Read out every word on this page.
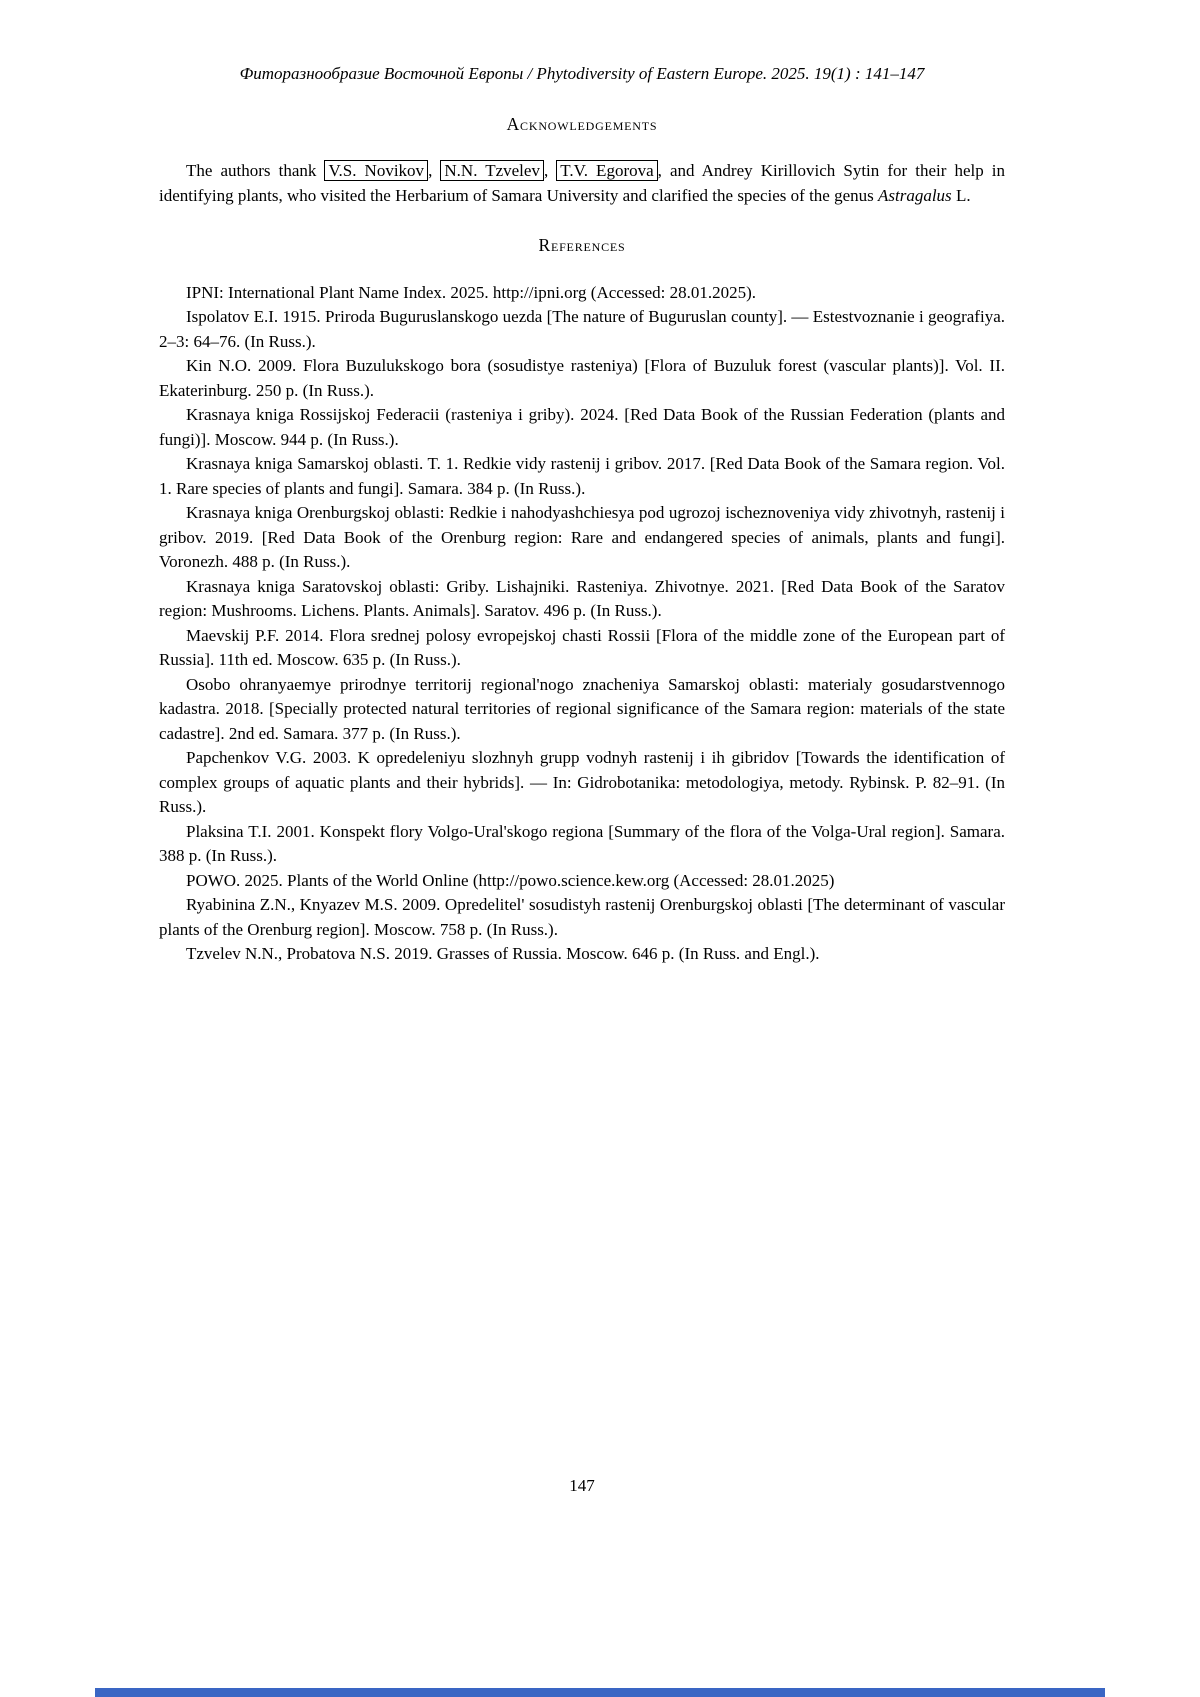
Фиторазнообразие Восточной Европы / Phytodiversity of Eastern Europe. 2025. 19(1) : 141–147
Acknowledgements

The authors thank V.S. Novikov , N.N. Tzvelev , T.V. Egorova , and Andrey Kirillovich Sytin for their help in identifying plants, who visited the Herbarium of Samara University and clarified the species of the genus Astragalus L.

References

IPNI: International Plant Name Index. 2025. http://ipni.org (Accessed: 28.01.2025).

Ispolatov E.I. 1915. Priroda Buguruslanskogo uezda [The nature of Buguruslan county]. — Estestvoznanie i geografiya. 2–3: 64–76. (In Russ.).

Kin N.O. 2009. Flora Buzulukskogo bora (sosudistye rasteniya) [Flora of Buzuluk forest (vascular plants)]. Vol. II. Ekaterinburg. 250 p. (In Russ.).

Krasnaya kniga Rossijskoj Federacii (rasteniya i griby). 2024. [Red Data Book of the Russian Federation (plants and fungi)]. Moscow. 944 p. (In Russ.).

Krasnaya kniga Samarskoj oblasti. T. 1. Redkie vidy rastenij i gribov. 2017. [Red Data Book of the Samara region. Vol. 1. Rare species of plants and fungi]. Samara. 384 p. (In Russ.).

Krasnaya kniga Orenburgskoj oblasti: Redkie i nahodyashchiesya pod ugrozoj ischeznoveniya vidy zhivotnyh, rastenij i gribov. 2019. [Red Data Book of the Orenburg region: Rare and endangered species of animals, plants and fungi]. Voronezh. 488 p. (In Russ.).

Krasnaya kniga Saratovskoj oblasti: Griby. Lishajniki. Rasteniya. Zhivotnye. 2021. [Red Data Book of the Saratov region: Mushrooms. Lichens. Plants. Animals]. Saratov. 496 p. (In Russ.).

Maevskij P.F. 2014. Flora srednej polosy evropejskoj chasti Rossii [Flora of the middle zone of the European part of Russia]. 11th ed. Moscow. 635 p. (In Russ.).

Osobo ohranyaemye prirodnye territorij regional'nogo znacheniya Samarskoj oblasti: materialy gosudarstvennogo kadastra. 2018. [Specially protected natural territories of regional significance of the Samara region: materials of the state cadastre]. 2nd ed. Samara. 377 p. (In Russ.).

Papchenkov V.G. 2003. K opredeleniyu slozhnyh grupp vodnyh rastenij i ih gibridov [Towards the identification of complex groups of aquatic plants and their hybrids]. — In: Gidrobotanika: metodologiya, metody. Rybinsk. P. 82–91. (In Russ.).

Plaksina T.I. 2001. Konspekt flory Volgo-Ural'skogo regiona [Summary of the flora of the Volga-Ural region]. Samara. 388 p. (In Russ.).

POWO. 2025. Plants of the World Online (http://powo.science.kew.org (Accessed: 28.01.2025)

Ryabinina Z.N., Knyazev M.S. 2009. Opredelitel' sosudistyh rastenij Orenburgskoj oblasti [The determinant of vascular plants of the Orenburg region]. Moscow. 758 p. (In Russ.).

Tzvelev N.N., Probatova N.S. 2019. Grasses of Russia. Moscow. 646 p. (In Russ. and Engl.).

147
